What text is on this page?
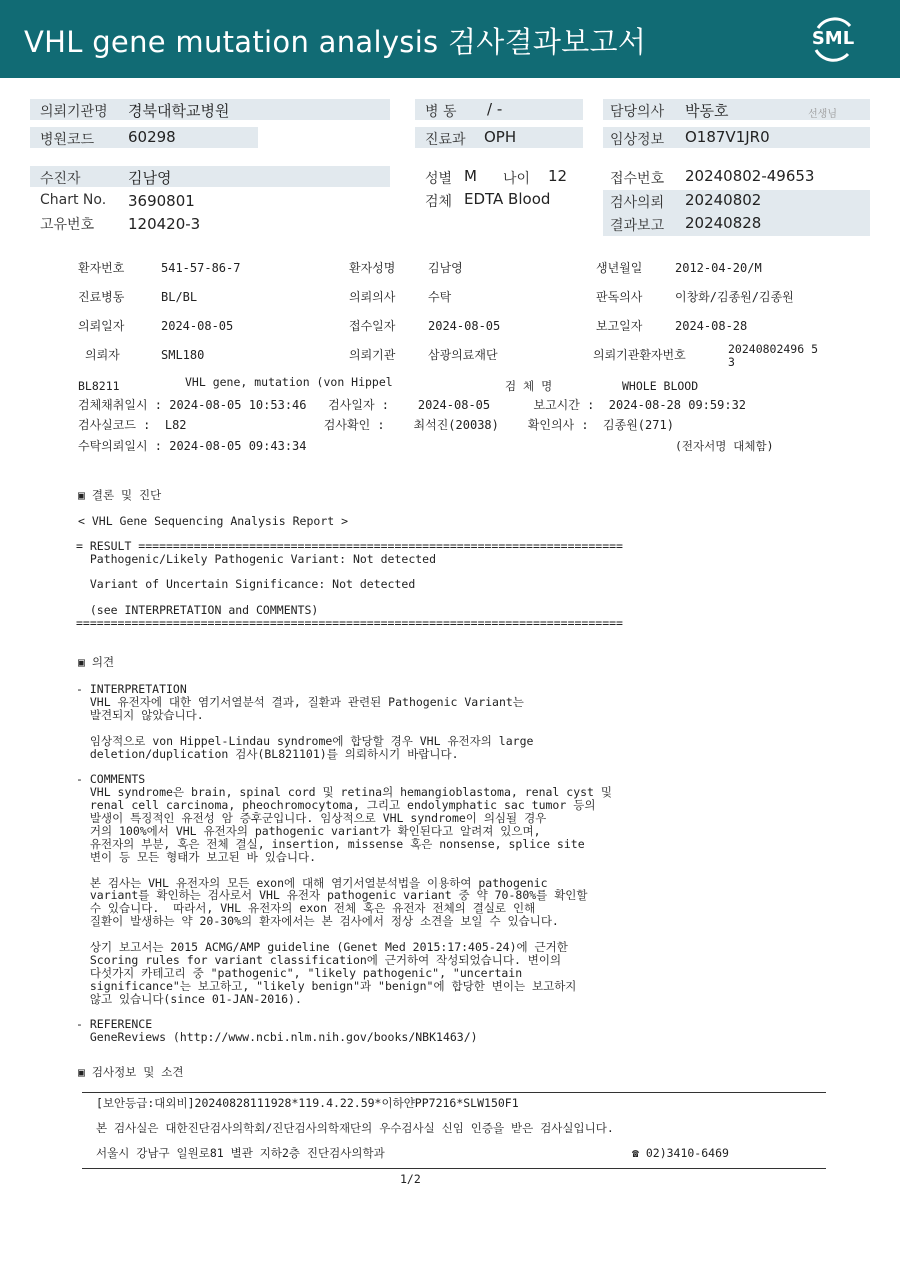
VHL gene mutation analysis 검사결과보고서	SML
의뢰기관명 경북대학교병원
병원코드 60298
병 동 / -
진료과 OPH
담당의사 박동호	선생님
임상정보 O187V1JR0
수진자	김남영
Chart No. 3690801
고유번호 120420-3
성별 M 나이 12
검체 EDTA Blood
접수번호 20240802-49653
검사의뢰 20240802
결과보고 20240828
환자번호	541-57-86-7	환자성명	김남영	생년월일	2012-04-20/M
진료병동	BL/BL	의뢰의사	수탁	판독의사	이창화/김종원/김종원
의뢰일자	2024-08-05	접수일자	2024-08-05	보고일자	2024-08-28
의뢰자	SML180	의뢰기관	삼광의료재단	의뢰기관환자번호	20240802496 5
3
BL8211	VHL gene, mutation (von Hippel	검 체 명	WHOLE BLOOD
검체채취일시 : 2024-08-05 10:53:46   검사일자 :    2024-08-05      보고시간 :  2024-08-28 09:59:32
검사실코드 :  L82                   검사확인 :    최석진(20038)    확인의사 :  김종원(271)
수탁의뢰일시 : 2024-08-05 09:43:34	(전자서명 대체함)
▣ 결론 및 진단
< VHL Gene Sequencing Analysis Report >
= RESULT ======================================================================
Pathogenic/Likely Pathogenic Variant: Not detected
Variant of Uncertain Significance: Not detected
(see INTERPRETATION and COMMENTS)
===============================================================================
▣ 의견
- INTERPRETATION
VHL 유전자에 대한 염기서열분석 결과, 질환과 관련된 Pathogenic Variant는
발견되지 않았습니다.
임상적으로 von Hippel-Lindau syndrome에 합당할 경우 VHL 유전자의 large
deletion/duplication 검사(BL821101)를 의뢰하시기 바랍니다.
- COMMENTS
VHL syndrome은 brain, spinal cord 및 retina의 hemangioblastoma, renal cyst 및
renal cell carcinoma, pheochromocytoma, 그리고 endolymphatic sac tumor 등의
발생이 특징적인 유전성 암 증후군입니다. 임상적으로 VHL syndrome이 의심될 경우
거의 100%에서 VHL 유전자의 pathogenic variant가 확인된다고 알려져 있으며,
유전자의 부분, 혹은 전체 결실, insertion, missense 혹은 nonsense, splice site
변이 등 모든 형태가 보고된 바 있습니다.
본 검사는 VHL 유전자의 모든 exon에 대해 염기서열분석법을 이용하여 pathogenic
variant를 확인하는 검사로서 VHL 유전자 pathogenic variant 중 약 70-80%를 확인할
수 있습니다.  따라서, VHL 유전자의 exon 전체 혹은 유전자 전체의 결실로 인해
질환이 발생하는 약 20-30%의 환자에서는 본 검사에서 정상 소견을 보일 수 있습니다.
상기 보고서는 2015 ACMG/AMP guideline (Genet Med 2015:17:405-24)에 근거한
Scoring rules for variant classification에 근거하여 작성되었습니다. 변이의
다섯가지 카테고리 중 "pathogenic", "likely pathogenic", "uncertain
significance"는 보고하고, "likely benign"과 "benign"에 합당한 변이는 보고하지
않고 있습니다(since 01-JAN-2016).
- REFERENCE
GeneReviews (http://www.ncbi.nlm.nih.gov/books/NBK1463/)
▣ 검사정보 및 소견
[보안등급:대외비]20240828111928*119.4.22.59*이하얀PP7216*SLW150F1
본 검사실은 대한진단검사의학회/진단검사의학재단의 우수검사실 신임 인증을 받은 검사실입니다.
서울시 강남구 일원로81 별관 지하2층 진단검사의학과	☎ 02)3410-6469
1/2
